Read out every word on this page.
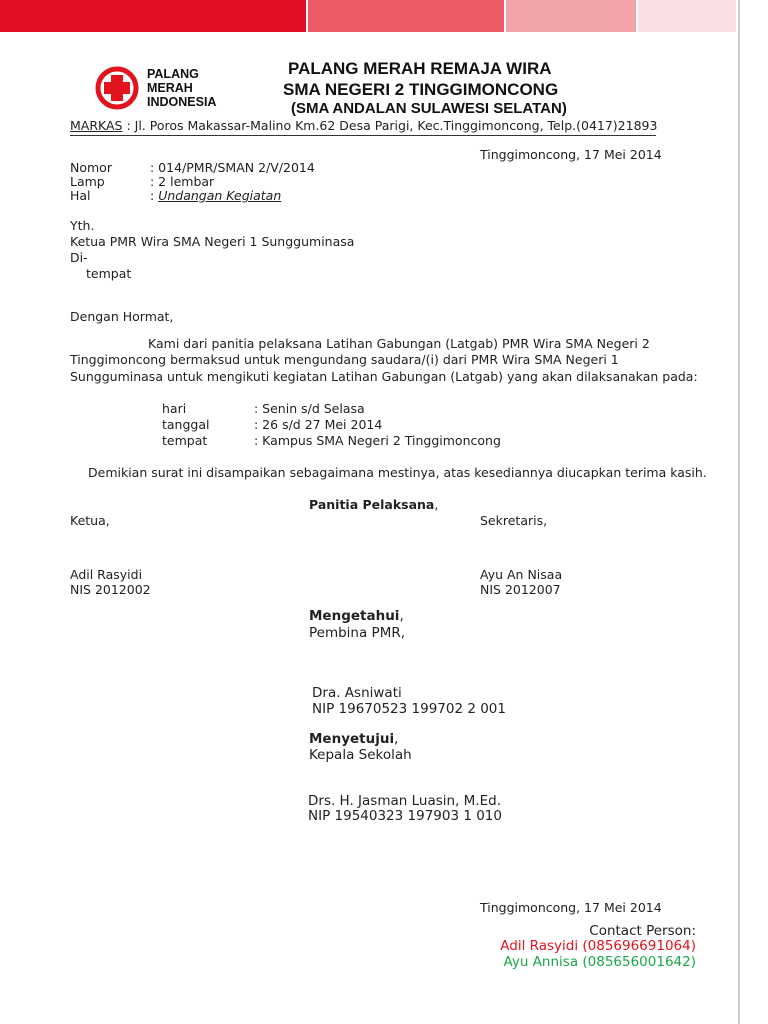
PALANG
MERAH
INDONESIA
PALANG MERAH REMAJA WIRA
SMA NEGERI 2 TINGGIMONCONG
(SMA ANDALAN SULAWESI SELATAN)
MARKAS : Jl. Poros Makassar-Malino Km.62 Desa Parigi, Kec.Tinggimoncong, Telp.(0417)21893
Tinggimoncong, 17 Mei 2014
Nomor	: 014/PMR/SMAN 2/V/2014
Lamp	: 2 lembar
Hal	: Undangan Kegiatan
Yth.
Ketua PMR Wira SMA Negeri 1 Sungguminasa
Di-
tempat
Dengan Hormat,
Kami dari panitia pelaksana Latihan Gabungan (Latgab) PMR Wira SMA Negeri 2
Tinggimoncong bermaksud untuk mengundang saudara/(i) dari PMR Wira SMA Negeri 1
Sungguminasa untuk mengikuti kegiatan Latihan Gabungan (Latgab) yang akan dilaksanakan pada:
hari	: Senin s/d Selasa
tanggal	: 26 s/d 27 Mei 2014
tempat	: Kampus SMA Negeri 2 Tinggimoncong
Demikian surat ini disampaikan sebagaimana mestinya, atas kesediannya diucapkan terima kasih.
Panitia Pelaksana,
Ketua,	Sekretaris,
Adil Rasyidi
NIS 2012002
Ayu An Nisaa
NIS 2012007
Mengetahui,
Pembina PMR,
Dra. Asniwati
NIP 19670523 199702 2 001
Menyetujui,
Kepala Sekolah
Drs. H. Jasman Luasin, M.Ed.
NIP 19540323 197903 1 010
Tinggimoncong, 17 Mei 2014
Contact Person:
Adil Rasyidi (085696691064)
Ayu Annisa (085656001642)
